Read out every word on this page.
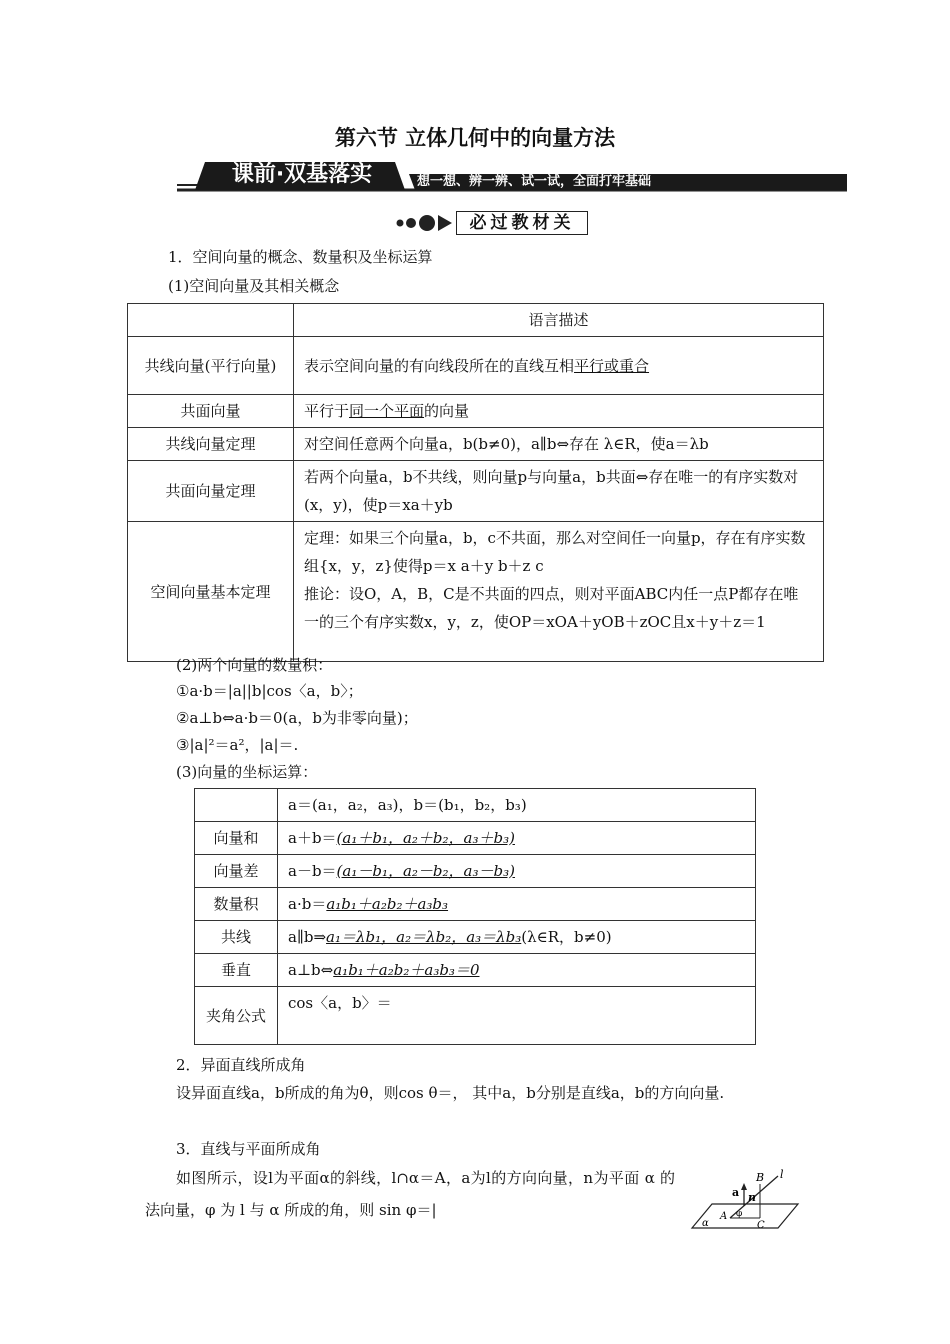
第六节 立体几何中的向量方法
课前·双基落实	想一想、辨一辨、试一试，全面打牢基础
必过教材关
1．空间向量的概念、数量积及坐标运算
(1)空间向量及其相关概念
	语言描述
共线向量(平行向量)	表示空间向量的有向线段所在的直线互相平行或重合
共面向量	平行于同一个平面的向量
共线向量定理	对空间任意两个向量a，b(b≠0)，a∥b⇔存在 λ∈R，使a＝λb
共面向量定理	若两个向量a，b不共线，则向量p与向量a，b共面⇔存在唯一的有序实数对(x，y)，使p＝xa＋yb
空间向量基本定理	定理：如果三个向量a，b，c不共面，那么对空间任一向量p，存在有序实数组{x，y，z}使得p＝x a＋y b＋z c
推论：设O，A，B，C是不共面的四点，则对平面ABC内任一点P都存在唯一的三个有序实数x，y，z，使OP＝xOA＋yOB＋zOC且x＋y＋z＝1
(2)两个向量的数量积：
①a·b＝|a||b|cos〈a，b〉；
②a⊥b⇔a·b＝0(a，b为非零向量)；
③|a|²＝a²，|a|＝.
(3)向量的坐标运算：
	a＝(a₁，a₂，a₃)，b＝(b₁，b₂，b₃)
向量和	a＋b＝(a₁＋b₁，a₂＋b₂，a₃＋b₃)
向量差	a－b＝(a₁－b₁，a₂－b₂，a₃－b₃)
数量积	a·b＝a₁b₁＋a₂b₂＋a₃b₃
共线	a∥b⇒a₁＝λb₁，a₂＝λb₂，a₃＝λb₃(λ∈R，b≠0)
垂直	a⊥b⇔a₁b₁＋a₂b₂＋a₃b₃＝0
夹角公式	cos〈a，b〉＝
2．异面直线所成角
设异面直线a，b所成的角为θ，则cos θ＝， 其中a，b分别是直线a，b的方向向量.
3．直线与平面所成角
如图所示，设l为平面α的斜线，l∩α＝A，a为l的方向向量，n为平面 α 的法向量，φ 为 l 与 α 所成的角，则 sin φ＝|
B l
a n
A φ
C
α
